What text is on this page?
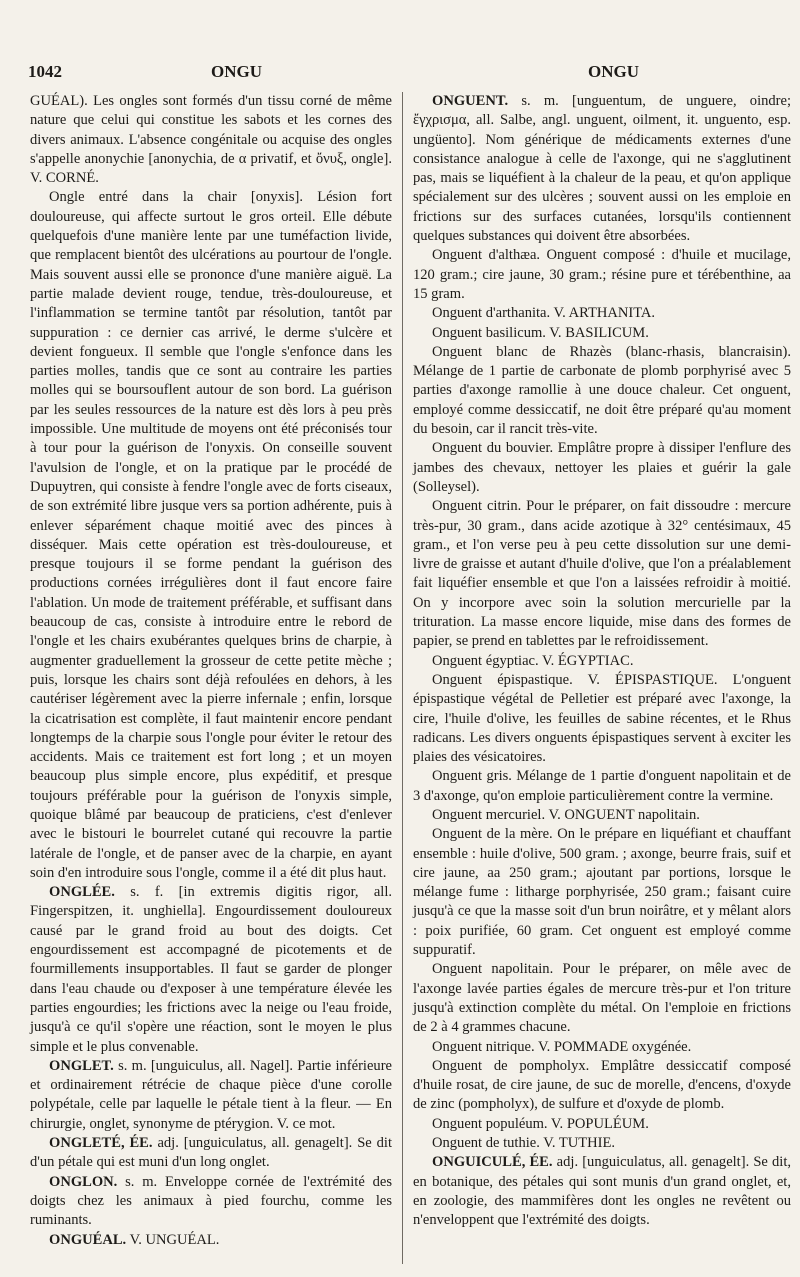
1042	ONGU	ONGU

GUÉAL). Les ongles sont formés d'un tissu corné de même nature que celui qui constitue les sabots et les cornes des divers animaux. L'absence congénitale ou acquise des ongles s'appelle anonychie [anonychia, de α privatif, et ὄνυξ, ongle]. V. CORNÉ.

Ongle entré dans la chair [onyxis]. Lésion fort douloureuse, qui affecte surtout le gros orteil. Elle débute quelquefois d'une manière lente par une tuméfaction livide, que remplacent bientôt des ulcérations au pourtour de l'ongle. Mais souvent aussi elle se prononce d'une manière aiguë. La partie malade devient rouge, tendue, très-douloureuse, et l'inflammation se termine tantôt par résolution, tantôt par suppuration : ce dernier cas arrivé, le derme s'ulcère et devient fongueux. Il semble que l'ongle s'enfonce dans les parties molles, tandis que ce sont au contraire les parties molles qui se boursouflent autour de son bord. La guérison par les seules ressources de la nature est dès lors à peu près impossible. Une multitude de moyens ont été préconisés tour à tour pour la guérison de l'onyxis. On conseille souvent l'avulsion de l'ongle, et on la pratique par le procédé de Dupuytren, qui consiste à fendre l'ongle avec de forts ciseaux, de son extrémité libre jusque vers sa portion adhérente, puis à enlever séparément chaque moitié avec des pinces à disséquer. Mais cette opération est très-douloureuse, et presque toujours il se forme pendant la guérison des productions cornées irrégulières dont il faut encore faire l'ablation. Un mode de traitement préférable, et suffisant dans beaucoup de cas, consiste à introduire entre le rebord de l'ongle et les chairs exubérantes quelques brins de charpie, à augmenter graduellement la grosseur de cette petite mèche ; puis, lorsque les chairs sont déjà refoulées en dehors, à les cautériser légèrement avec la pierre infernale ; enfin, lorsque la cicatrisation est complète, il faut maintenir encore pendant longtemps de la charpie sous l'ongle pour éviter le retour des accidents. Mais ce traitement est fort long ; et un moyen beaucoup plus simple encore, plus expéditif, et presque toujours préférable pour la guérison de l'onyxis simple, quoique blâmé par beaucoup de praticiens, c'est d'enlever avec le bistouri le bourrelet cutané qui recouvre la partie latérale de l'ongle, et de panser avec de la charpie, en ayant soin d'en introduire sous l'ongle, comme il a été dit plus haut.

ONGLÉE. s. f. [in extremis digitis rigor, all. Fingerspitzen, it. unghiella]. Engourdissement douloureux causé par le grand froid au bout des doigts. Cet engourdissement est accompagné de picotements et de fourmillements insupportables. Il faut se garder de plonger dans l'eau chaude ou d'exposer à une température élevée les parties engourdies; les frictions avec la neige ou l'eau froide, jusqu'à ce qu'il s'opère une réaction, sont le moyen le plus simple et le plus convenable.

ONGLET. s. m. [unguiculus, all. Nagel]. Partie inférieure et ordinairement rétrécie de chaque pièce d'une corolle polypétale, celle par laquelle le pétale tient à la fleur. — En chirurgie, onglet, synonyme de ptérygion. V. ce mot.

ONGLETÉ, ÉE. adj. [unguiculatus, all. genagelt]. Se dit d'un pétale qui est muni d'un long onglet.

ONGLON. s. m. Enveloppe cornée de l'extrémité des doigts chez les animaux à pied fourchu, comme les ruminants.

ONGUÉAL. V. UNGUÉAL.

ONGUENT. s. m. [unguentum, de unguere, oindre; ἔγχρισμα, all. Salbe, angl. unguent, oilment, it. unguento, esp. ungüento]. Nom générique de médicaments externes d'une consistance analogue à celle de l'axonge, qui ne s'agglutinent pas, mais se liquéfient à la chaleur de la peau, et qu'on applique spécialement sur des ulcères ; souvent aussi on les emploie en frictions sur des surfaces cutanées, lorsqu'ils contiennent quelques substances qui doivent être absorbées.

Onguent d'althæa. Onguent composé : d'huile et mucilage, 120 gram.; cire jaune, 30 gram.; résine pure et térébenthine, aa 15 gram.

Onguent d'arthanita. V. ARTHANITA.

Onguent basilicum. V. BASILICUM.

Onguent blanc de Rhazès (blanc-rhasis, blancraisin). Mélange de 1 partie de carbonate de plomb porphyrisé avec 5 parties d'axonge ramollie à une douce chaleur. Cet onguent, employé comme dessiccatif, ne doit être préparé qu'au moment du besoin, car il rancit très-vite.

Onguent du bouvier. Emplâtre propre à dissiper l'enflure des jambes des chevaux, nettoyer les plaies et guérir la gale (Solleysel).

Onguent citrin. Pour le préparer, on fait dissoudre : mercure très-pur, 30 gram., dans acide azotique à 32° centésimaux, 45 gram., et l'on verse peu à peu cette dissolution sur une demi-livre de graisse et autant d'huile d'olive, que l'on a préalablement fait liquéfier ensemble et que l'on a laissées refroidir à moitié. On y incorpore avec soin la solution mercurielle par la trituration. La masse encore liquide, mise dans des formes de papier, se prend en tablettes par le refroidissement.

Onguent égyptiac. V. ÉGYPTIAC.

Onguent épispastique. V. ÉPISPASTIQUE. L'onguent épispastique végétal de Pelletier est préparé avec l'axonge, la cire, l'huile d'olive, les feuilles de sabine récentes, et le Rhus radicans. Les divers onguents épispastiques servent à exciter les plaies des vésicatoires.

Onguent gris. Mélange de 1 partie d'onguent napolitain et de 3 d'axonge, qu'on emploie particulièrement contre la vermine.

Onguent mercuriel. V. ONGUENT napolitain.

Onguent de la mère. On le prépare en liquéfiant et chauffant ensemble : huile d'olive, 500 gram. ; axonge, beurre frais, suif et cire jaune, aa 250 gram.; ajoutant par portions, lorsque le mélange fume : litharge porphyrisée, 250 gram.; faisant cuire jusqu'à ce que la masse soit d'un brun noirâtre, et y mêlant alors : poix purifiée, 60 gram. Cet onguent est employé comme suppuratif.

Onguent napolitain. Pour le préparer, on mêle avec de l'axonge lavée parties égales de mercure très-pur et l'on triture jusqu'à extinction complète du métal. On l'emploie en frictions de 2 à 4 grammes chacune.

Onguent nitrique. V. POMMADE oxygénée.

Onguent de pompholyx. Emplâtre dessiccatif composé d'huile rosat, de cire jaune, de suc de morelle, d'encens, d'oxyde de zinc (pompholyx), de sulfure et d'oxyde de plomb.

Onguent populéum. V. POPULÉUM.

Onguent de tuthie. V. TUTHIE.

ONGUICULÉ, ÉE. adj. [unguiculatus, all. genagelt]. Se dit, en botanique, des pétales qui sont munis d'un grand onglet, et, en zoologie, des mammifères dont les ongles ne revêtent ou n'enveloppent que l'extrémité des doigts.
